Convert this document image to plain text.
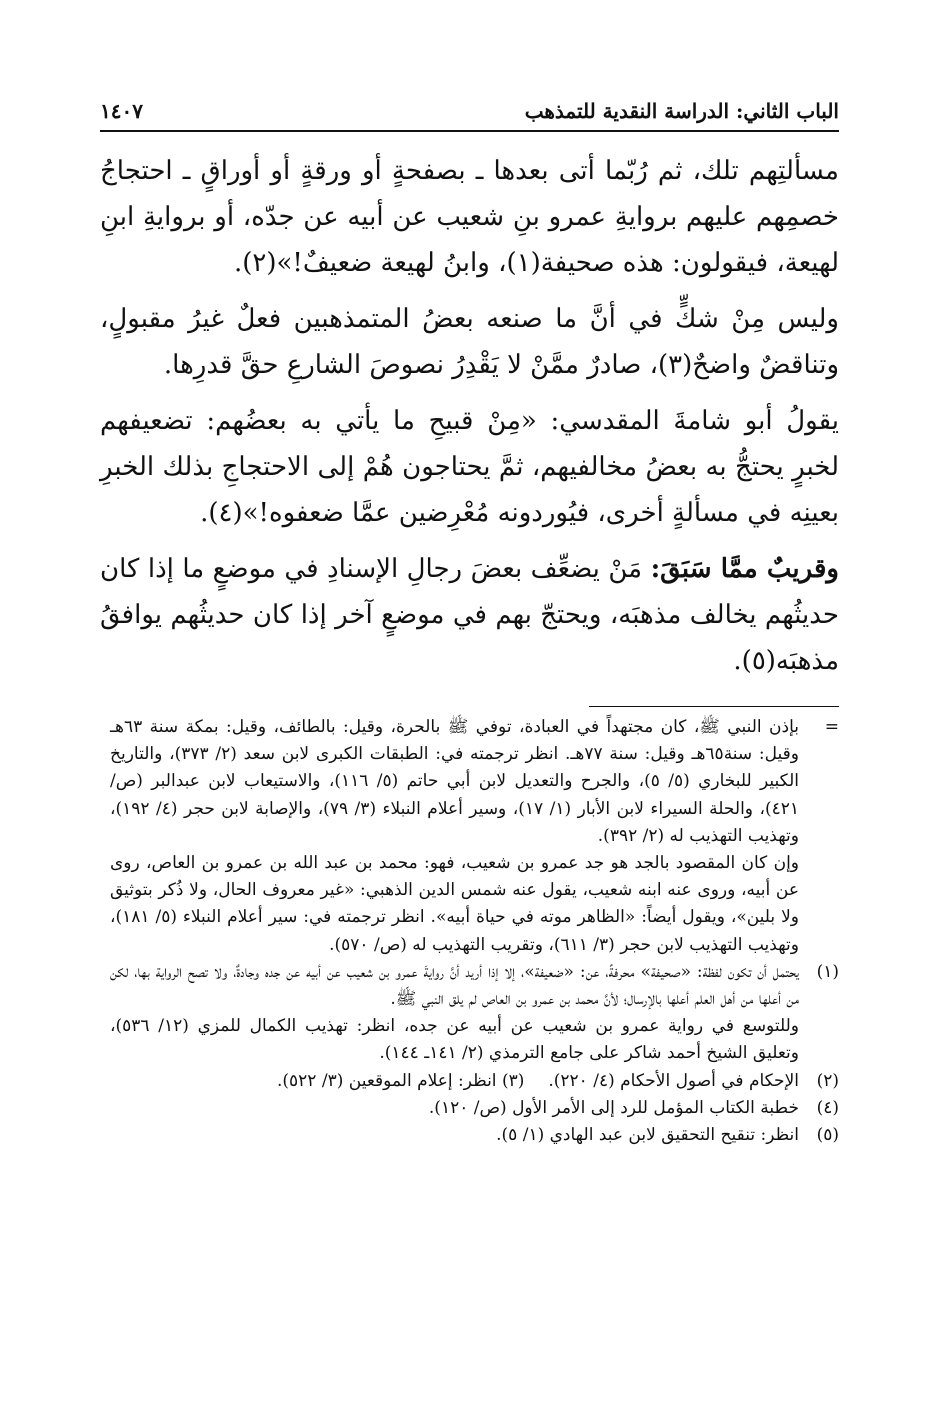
الباب الثاني: الدراسة النقدية للتمذهب
١٤٠٧

مسألتِهم تلك، ثم رُبّما أتى بعدها ـ بصفحةٍ أو ورقةٍ أو أوراقٍ ـ احتجاجُ خصمِهم عليهم بروايةِ عمرو بنِ شعيب عن أبيه عن جدّه، أو بروايةِ ابنِ لهيعة، فيقولون: هذه صحيفة(١)، وابنُ لهيعة ضعيفٌ!»(٢).

وليس مِنْ شكٍّ في أنَّ ما صنعه بعضُ المتمذهبين فعلٌ غيرُ مقبولٍ، وتناقضٌ واضحٌ(٣)، صادرٌ ممَّنْ لا يَقْدِرُ نصوصَ الشارعِ حقَّ قدرِها.

يقولُ أبو شامةَ المقدسي: «مِنْ قبيحِ ما يأتي به بعضُهم: تضعيفهم لخبرٍ يحتجُّ به بعضُ مخالفيهم، ثمَّ يحتاجون هُمْ إلى الاحتجاجِ بذلك الخبرِ بعينِه في مسألةٍ أخرى، فيُوردونه مُعْرِضين عمَّا ضعفوه!»(٤).

وقريبٌ ممَّا سَبَقَ: مَنْ يضعِّف بعضَ رجالِ الإسنادِ في موضعٍ ما إذا كان حديثُهم يخالف مذهبَه، ويحتجّ بهم في موضعٍ آخر إذا كان حديثُهم يوافقُ مذهبَه(٥).

=
بإذن النبي ﷺ، كان مجتهداً في العبادة، توفي ﷺ بالحرة، وقيل: بالطائف، وقيل: بمكة سنة ٦٣هـ وقيل: سنة٦٥هـ وقيل: سنة ٧٧هـ. انظر ترجمته في: الطبقات الكبرى لابن سعد (٢/ ٣٧٣)، والتاريخ الكبير للبخاري (٥/ ٥)، والجرح والتعديل لابن أبي حاتم (٥/ ١١٦)، والاستيعاب لابن عبدالبر (ص/ ٤٢١)، والحلة السيراء لابن الأبار (١/ ١٧)، وسير أعلام النبلاء (٣/ ٧٩)، والإصابة لابن حجر (٤/ ١٩٢)، وتهذيب التهذيب له (٢/ ٣٩٢).
وإن كان المقصود بالجد هو جد عمرو بن شعيب، فهو: محمد بن عبد الله بن عمرو بن العاص، روى عن أبيه، وروى عنه ابنه شعيب، يقول عنه شمس الدين الذهبي: «غير معروف الحال، ولا ذُكر بتوثيق ولا بلين»، ويقول أيضاً: «الظاهر موته في حياة أبيه». انظر ترجمته في: سير أعلام النبلاء (٥/ ١٨١)، وتهذيب التهذيب لابن حجر (٣/ ٦١١)، وتقريب التهذيب له (ص/ ٥٧٠).
(١)
يحتمل أن تكون لفظة: «صحيفة» محرفةً، عن: «ضعيفة»، إلا إذا أريد أنَّ روايةَ عمرو بن شعيب عن أبيه عن جده وجادةٌ، ولا تصح الرواية بها، لكن من أعلها من أهل العلم أعلها بالإرسال؛ لأنَّ محمد بن عمرو بن العاص لم يلق النبي ﷺ.
وللتوسع في رواية عمرو بن شعيب عن أبيه عن جده، انظر: تهذيب الكمال للمزي (١٢/ ٥٣٦)، وتعليق الشيخ أحمد شاكر على جامع الترمذي (٢/ ١٤١ـ ١٤٤).
(٢)
الإحكام في أصول الأحكام (٤/ ٢٢٠).(٣) انظر: إعلام الموقعين (٣/ ٥٢٢).
(٤)
خطبة الكتاب المؤمل للرد إلى الأمر الأول (ص/ ١٢٠).
(٥)
انظر: تنقيح التحقيق لابن عبد الهادي (١/ ٥).
